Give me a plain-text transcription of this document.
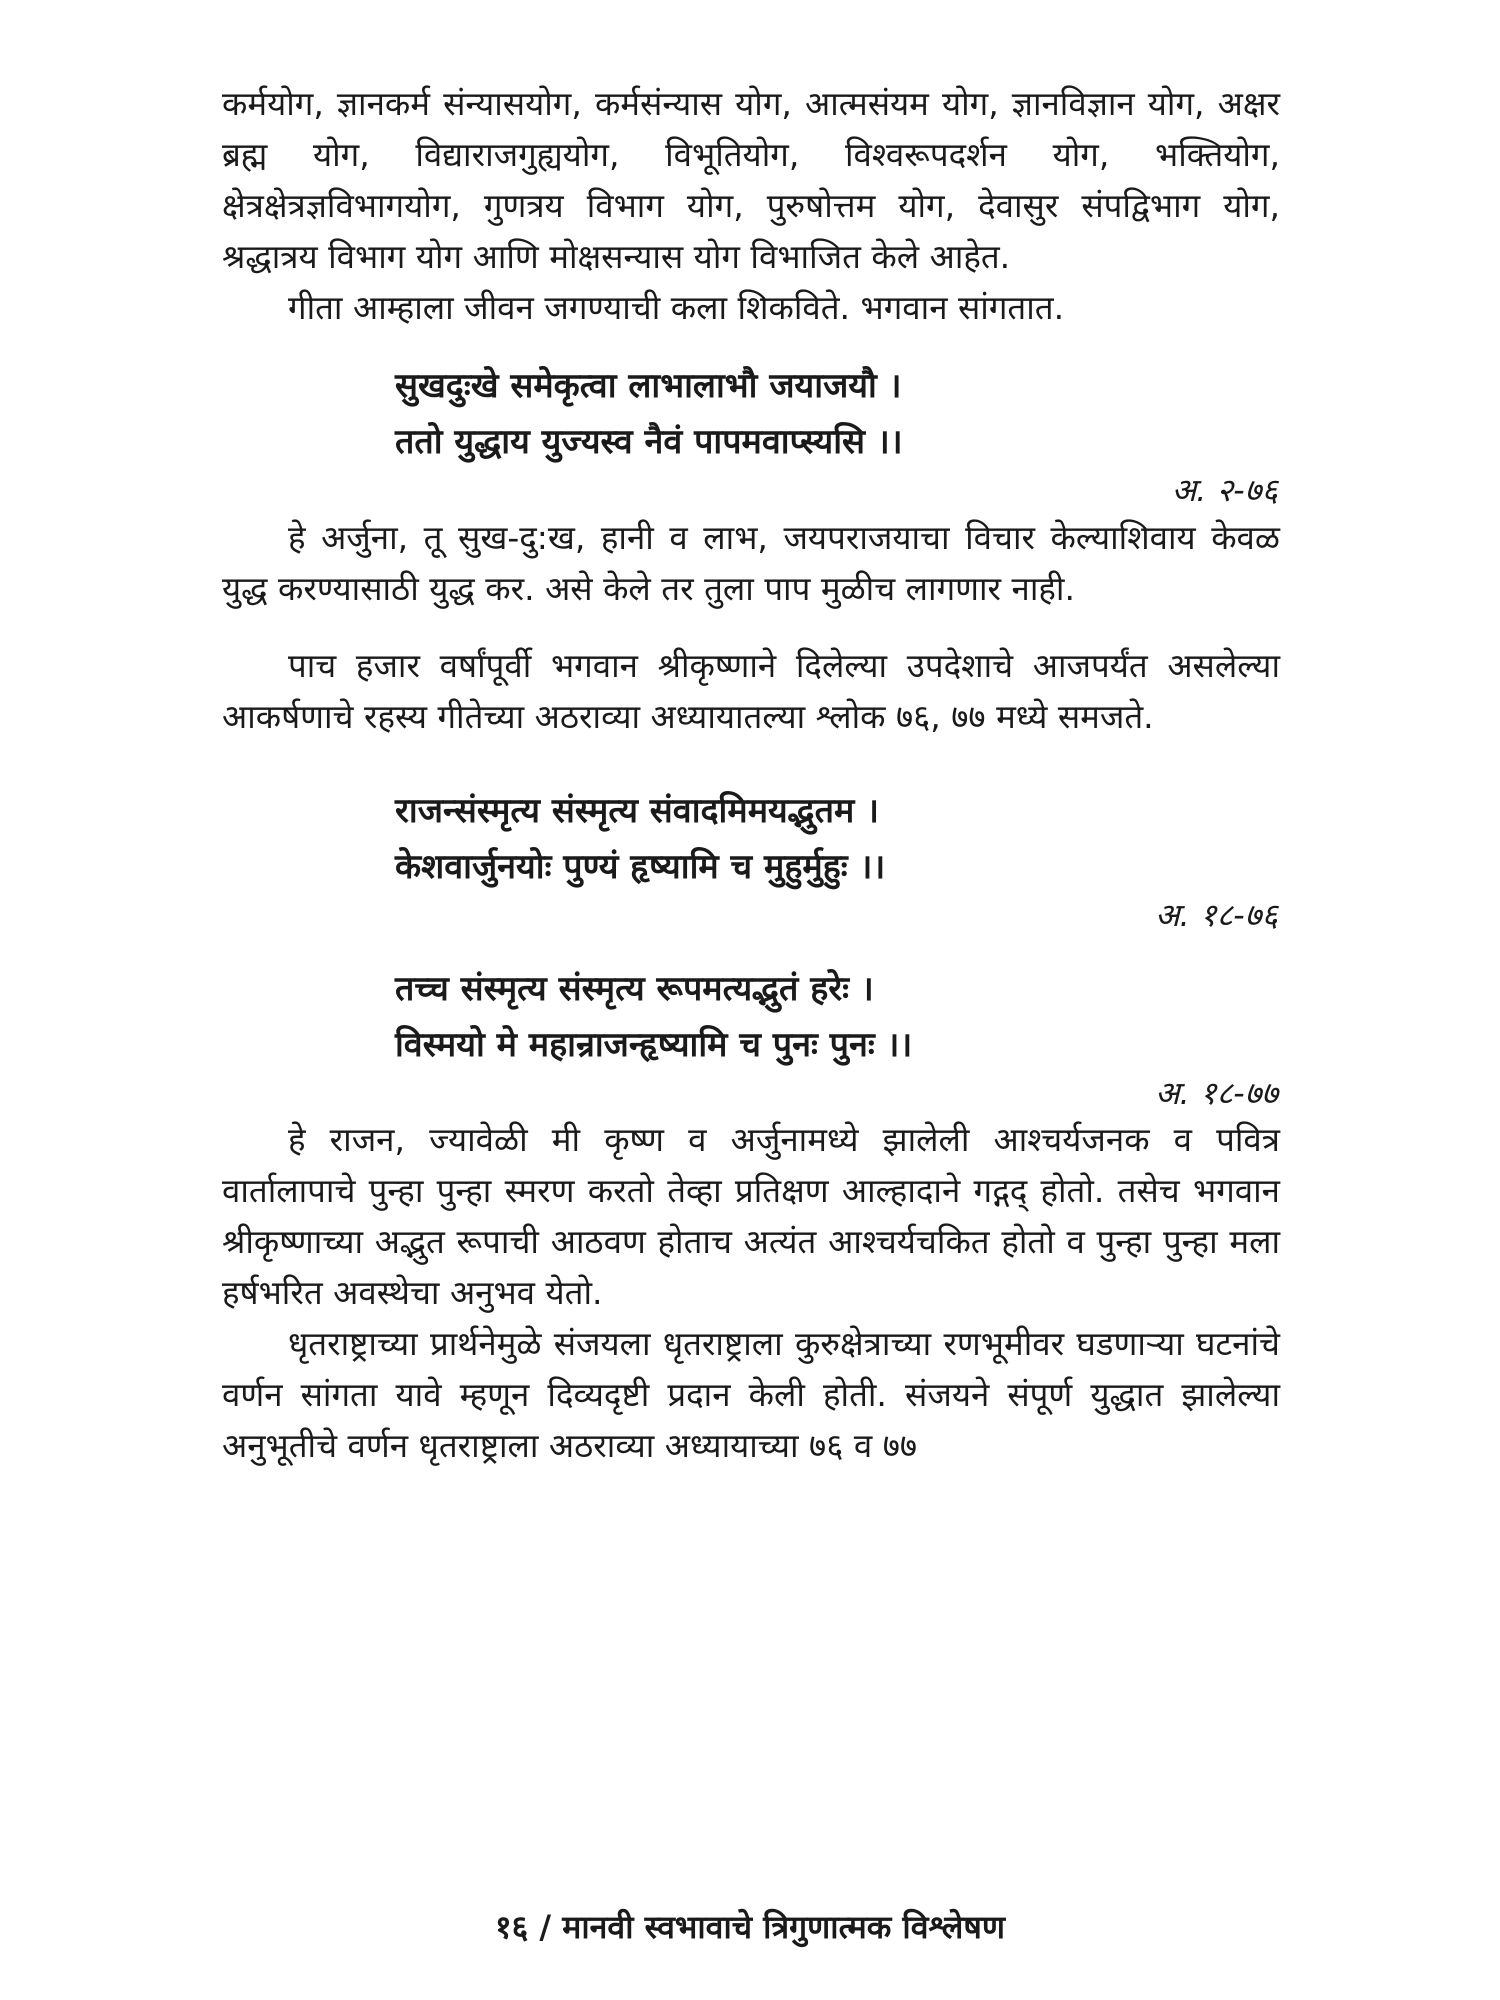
कर्मयोग, ज्ञानकर्म संन्यासयोग, कर्मसंन्यास योग, आत्मसंयम योग, ज्ञानविज्ञान योग, अक्षर ब्रह्म योग, विद्याराजगुह्ययोग, विभूतियोग, विश्वरूपदर्शन योग, भक्तियोग, क्षेत्रक्षेत्रज्ञविभागयोग, गुणत्रय विभाग योग, पुरुषोत्तम योग, देवासुर संपद्विभाग योग, श्रद्धात्रय विभाग योग आणि मोक्षसन्यास योग विभाजित केले आहेत.

गीता आम्हाला जीवन जगण्याची कला शिकविते. भगवान सांगतात.

सुखदुःखे समेकृत्वा लाभालाभौ जयाजयौ ।
ततो युद्धाय युज्यस्व नैवं पापमवाप्स्यसि ।।

अ. २-७६

हे अर्जुना, तू सुख-दु:ख, हानी व लाभ, जयपराजयाचा विचार केल्याशिवाय केवळ युद्ध करण्यासाठी युद्ध कर. असे केले तर तुला पाप मुळीच लागणार नाही.

पाच हजार वर्षांपूर्वी भगवान श्रीकृष्णाने दिलेल्या उपदेशाचे आजपर्यंत असलेल्या आकर्षणाचे रहस्य गीतेच्या अठराव्या अध्यायातल्या श्लोक ७६, ७७ मध्ये समजते.

राजन्संस्मृत्य संस्मृत्य संवादमिमयद्भुतम ।
केशवार्जुनयोः पुण्यं हृष्यामि च मुहुर्मुहुः ।।

अ. १८-७६

तच्च संस्मृत्य संस्मृत्य रूपमत्यद्भुतं हरेः ।
विस्मयो मे महान्राजन्हृष्यामि च पुनः पुनः ।।

अ. १८-७७

हे राजन, ज्यावेळी मी कृष्ण व अर्जुनामध्ये झालेली आश्चर्यजनक व पवित्र वार्तालापाचे पुन्हा पुन्हा स्मरण करतो तेव्हा प्रतिक्षण आल्हादाने गद्गद् होतो. तसेच भगवान श्रीकृष्णाच्या अद्भुत रूपाची आठवण होताच अत्यंत आश्चर्यचकित होतो व पुन्हा पुन्हा मला हर्षभरित अवस्थेचा अनुभव येतो.

धृतराष्ट्राच्या प्रार्थनेमुळे संजयला धृतराष्ट्राला कुरुक्षेत्राच्या रणभूमीवर घडणाऱ्या घटनांचे वर्णन सांगता यावे म्हणून दिव्यदृष्टी प्रदान केली होती. संजयने संपूर्ण युद्धात झालेल्या अनुभूतीचे वर्णन धृतराष्ट्राला अठराव्या अध्यायाच्या ७६ व ७७

१६ / मानवी स्वभावाचे त्रिगुणात्मक विश्लेषण
